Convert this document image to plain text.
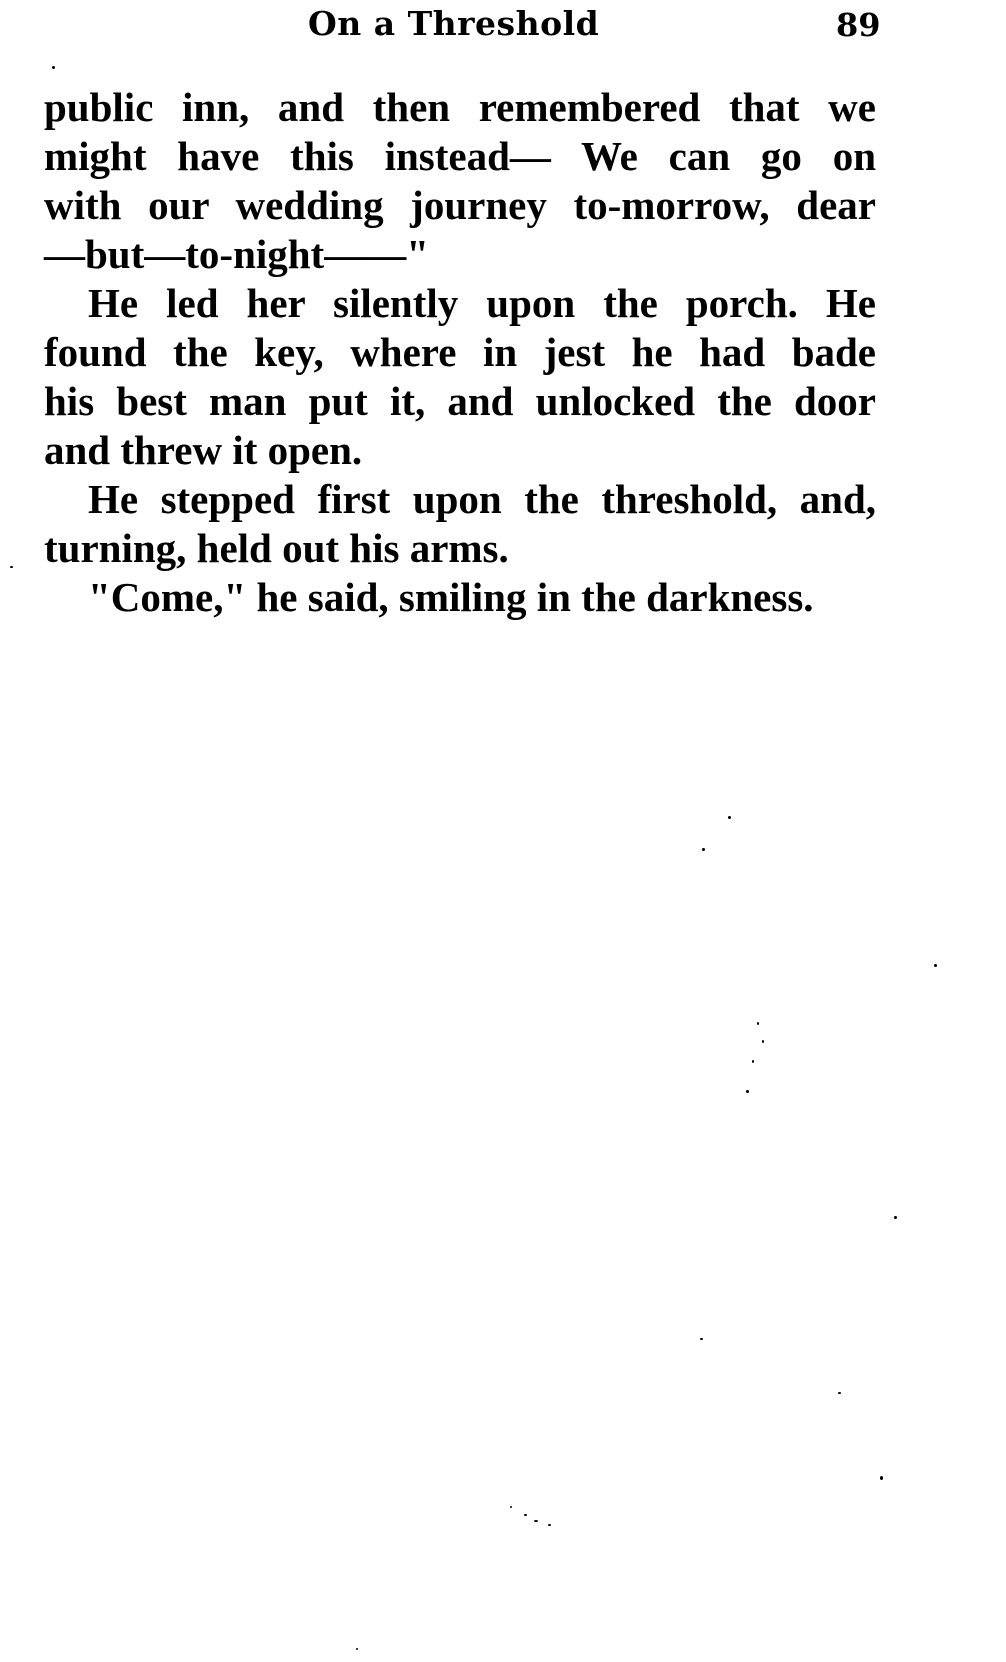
On a Threshold	89
public inn, and then remembered that we
might have this instead— We can go on
with our wedding journey to-morrow, dear
—but—to-night——"
He led her silently upon the porch. He
found the key, where in jest he had bade
his best man put it, and unlocked the door
and threw it open.
He stepped first upon the threshold, and,
turning, held out his arms.
"Come," he said, smiling in the darkness.
